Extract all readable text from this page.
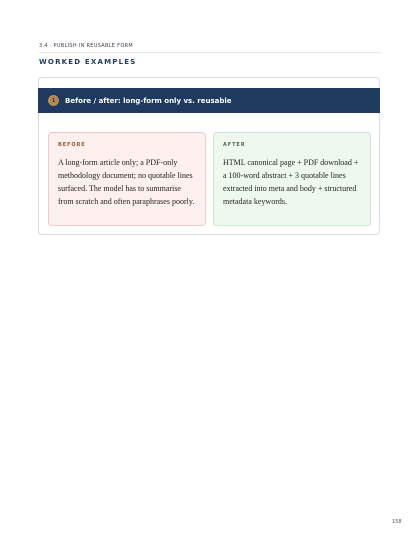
3.4 · PUBLISH IN REUSABLE FORM
WORKED EXAMPLES
1	Before / after: long-form only vs. reusable
BEFORE
A long-form article only; a PDF-only methodology document; no quotable lines surfaced. The model has to summarise from scratch and often paraphrases poorly.
AFTER
HTML canonical page + PDF download + a 100-word abstract + 3 quotable lines extracted into meta and body + structured metadata keywords.
158
